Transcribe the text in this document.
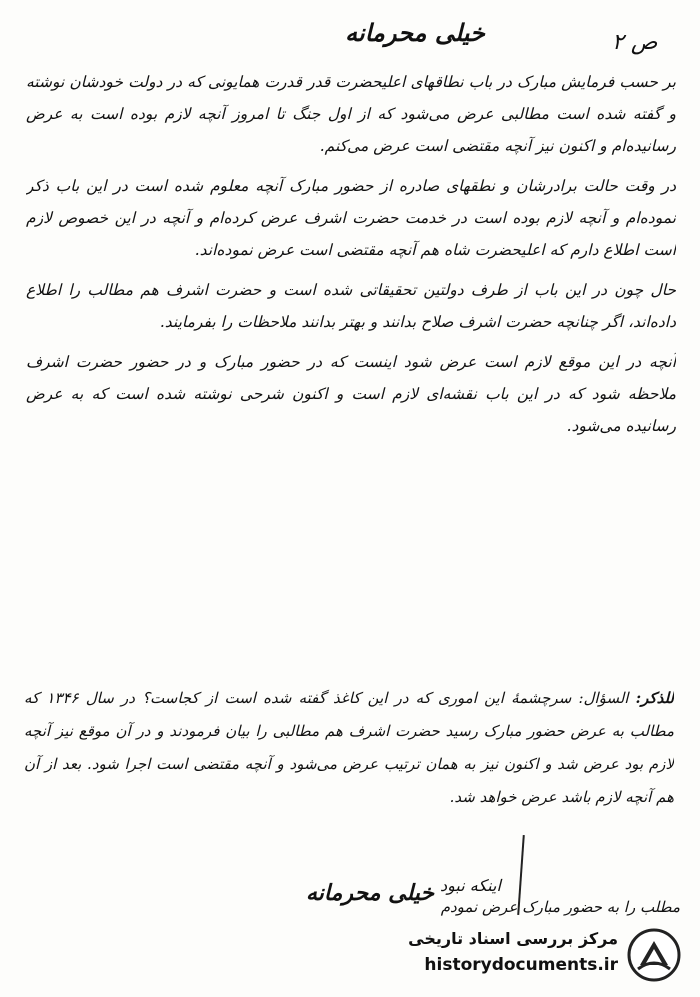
ص ۲
خیلی محرمانه

بر حسب فرمایش مبارک در باب نطاقهای اعلیحضرت قدر قدرت همایونی که در دولت خودشان نوشته و گفته شده است مطالبی عرض می‌شود که از اول جنگ تا امروز آنچه لازم بوده است به عرض رسانیده‌ام و اکنون نیز آنچه مقتضی است عرض می‌کنم.

در وقت حالت برادرشان و نطقهای صادره از حضور مبارک آنچه معلوم شده است در این باب ذکر نموده‌ام و آنچه لازم بوده است در خدمت حضرت اشرف عرض کرده‌ام و آنچه در این خصوص لازم است اطلاع دارم که اعلیحضرت شاه هم آنچه مقتضی است عرض نموده‌اند.

حال چون در این باب از طرف دولتین تحقیقاتی شده است و حضرت اشرف هم مطالب را اطلاع داده‌اند، اگر چنانچه حضرت اشرف صلاح بدانند و بهتر بدانند ملاحظات را بفرمایند.

آنچه در این موقع لازم است عرض شود اینست که در حضور مبارک و در حضور حضرت اشرف ملاحظه شود که در این باب نقشه‌ای لازم است و اکنون شرحی نوشته شده است که به عرض رسانیده می‌شود.

للذکر: السؤال: سرچشمهٔ این اموری که در این کاغذ گفته شده است از کجاست؟ در سال ۱۳۴۶ که مطالب به عرض حضور مبارک رسید حضرت اشرف هم مطالبی را بیان فرمودند و در آن موقع نیز آنچه لازم بود عرض شد و اکنون نیز به همان ترتیب عرض می‌شود و آنچه مقتضی است اجرا شود. بعد از آن هم آنچه لازم باشد عرض خواهد شد.
اینکه نبود
مطلب را به حضور مبارک عرض نمودم
خیلی محرمانه
مرکز بررسی اسناد تاریخی
historydocuments.ir
